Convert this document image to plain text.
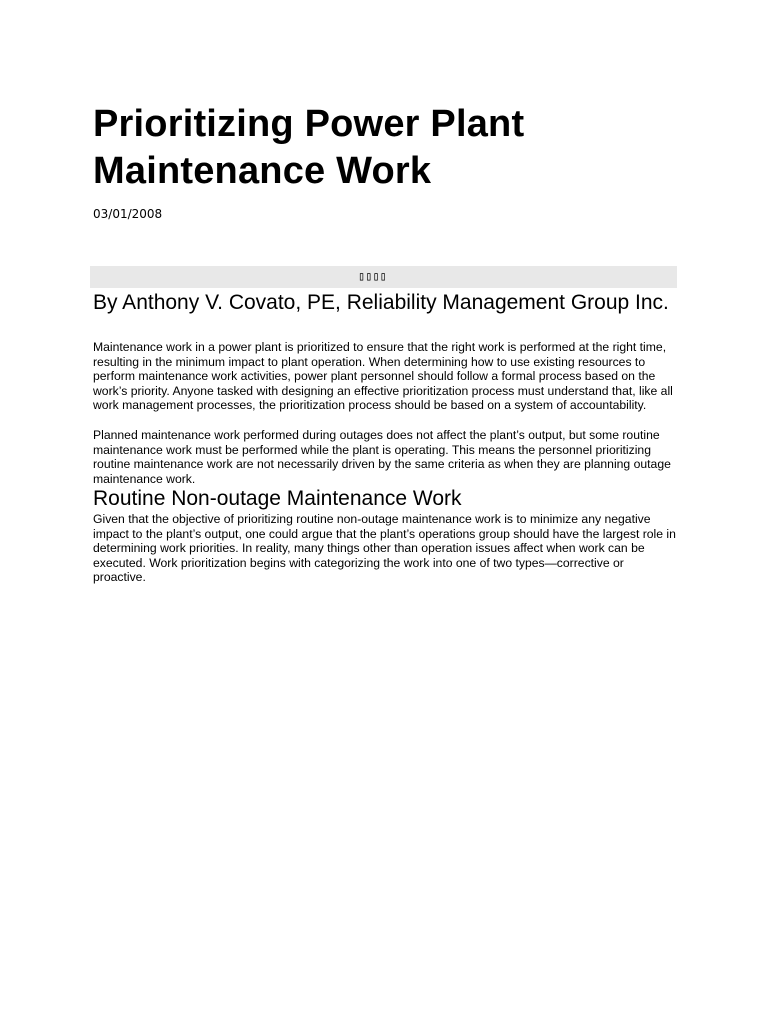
Prioritizing Power Plant Maintenance Work
03/01/2008
▯▯▯▯
By Anthony V. Covato, PE, Reliability Management Group Inc.

Maintenance work in a power plant is prioritized to ensure that the right work is performed at the right time, resulting in the minimum impact to plant operation. When determining how to use existing resources to perform maintenance work activities, power plant personnel should follow a formal process based on the work’s priority. Anyone tasked with designing an effective prioritization process must understand that, like all work management processes, the prioritization process should be based on a system of accountability.

Planned maintenance work performed during outages does not affect the plant’s output, but some routine maintenance work must be performed while the plant is operating. This means the personnel prioritizing routine maintenance work are not necessarily driven by the same criteria as when they are planning outage maintenance work.

Routine Non-outage Maintenance Work

Given that the objective of prioritizing routine non-outage maintenance work is to minimize any negative impact to the plant’s output, one could argue that the plant’s operations group should have the largest role in determining work priorities. In reality, many things other than operation issues affect when work can be executed. Work prioritization begins with categorizing the work into one of two types—corrective or proactive.
